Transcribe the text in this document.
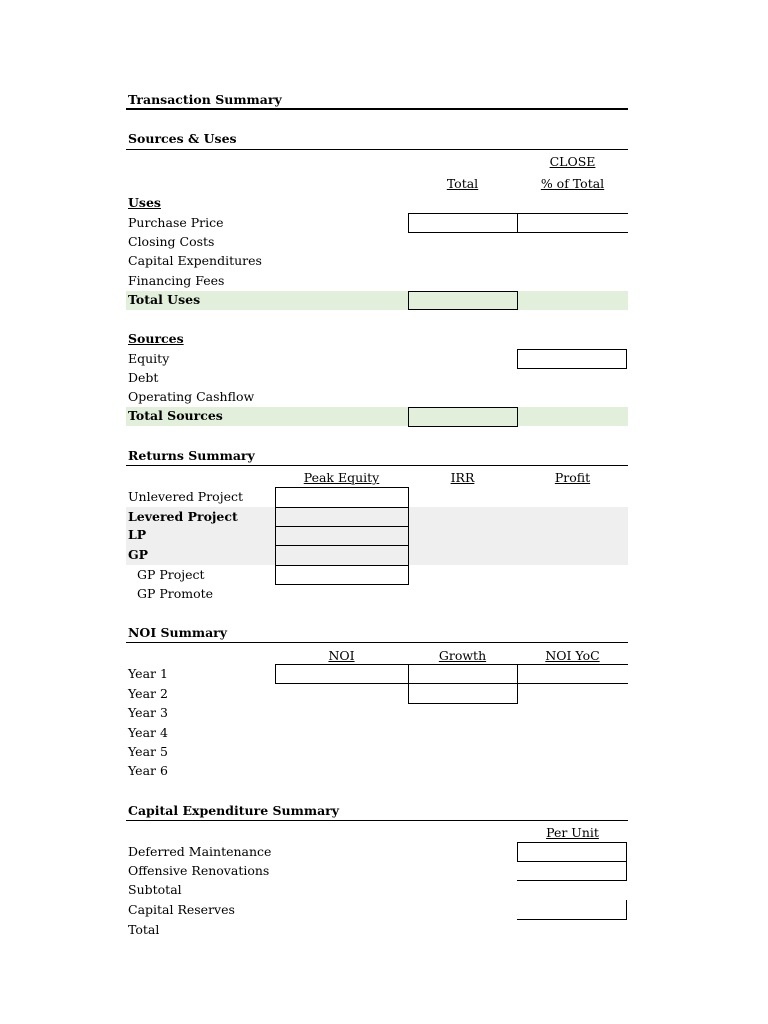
Transaction Summary
Sources & Uses
CLOSE
Total	% of Total
Uses
Purchase Price
Closing Costs
Capital Expenditures
Financing Fees
Total Uses
Sources
Equity
Debt
Operating Cashflow
Total Sources
Returns Summary
Peak Equity	IRR	Profit
Unlevered Project
Levered Project
LP
GP
GP Project
GP Promote
NOI Summary
NOI	Growth	NOI YoC
Year 1
Year 2
Year 3
Year 4
Year 5
Year 6
Capital Expenditure Summary
Per Unit
Deferred Maintenance
Offensive Renovations
Subtotal
Capital Reserves
Total
